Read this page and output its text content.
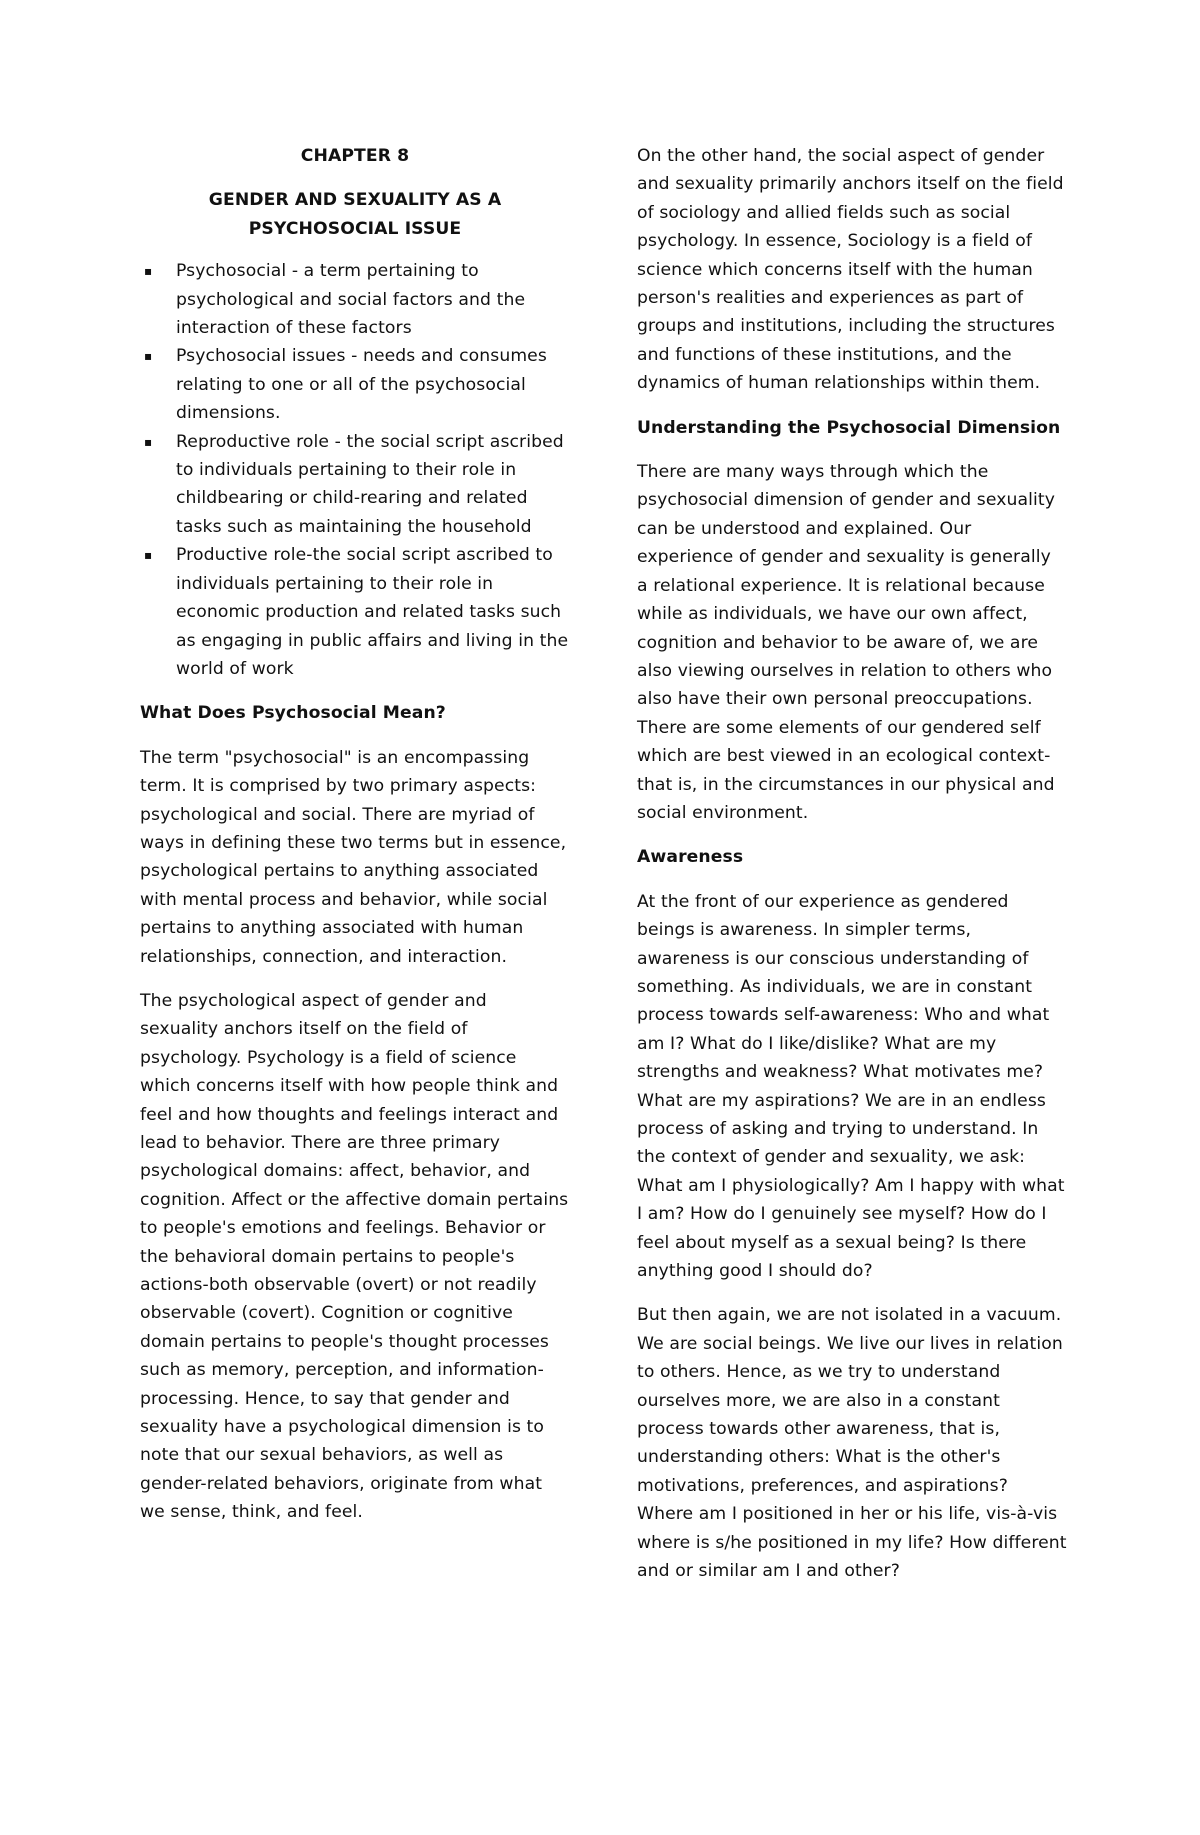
CHAPTER 8

GENDER AND SEXUALITY AS A PSYCHOSOCIAL ISSUE

▪ Psychosocial - a term pertaining to psychological and social factors and the interaction of these factors
▪ Psychosocial issues - needs and consumes relating to one or all of the psychosocial dimensions.
▪ Reproductive role - the social script ascribed to individuals pertaining to their role in childbearing or child-rearing and related tasks such as maintaining the household
▪ Productive role-the social script ascribed to individuals pertaining to their role in economic production and related tasks such as engaging in public affairs and living in the world of work

What Does Psychosocial Mean?

The term "psychosocial" is an encompassing term. It is comprised by two primary aspects: psychological and social. There are myriad of ways in defining these two terms but in essence, psychological pertains to anything associated with mental process and behavior, while social pertains to anything associated with human relationships, connection, and interaction.

The psychological aspect of gender and sexuality anchors itself on the field of psychology. Psychology is a field of science which concerns itself with how people think and feel and how thoughts and feelings interact and lead to behavior. There are three primary psychological domains: affect, behavior, and cognition. Affect or the affective domain pertains to people's emotions and feelings. Behavior or the behavioral domain pertains to people's actions-both observable (overt) or not readily observable (covert). Cognition or cognitive domain pertains to people's thought processes such as memory, perception, and information-processing. Hence, to say that gender and sexuality have a psychological dimension is to note that our sexual behaviors, as well as gender-related behaviors, originate from what we sense, think, and feel.

On the other hand, the social aspect of gender and sexuality primarily anchors itself on the field of sociology and allied fields such as social psychology. In essence, Sociology is a field of science which concerns itself with the human person's realities and experiences as part of groups and institutions, including the structures and functions of these institutions, and the dynamics of human relationships within them.

Understanding the Psychosocial Dimension

There are many ways through which the psychosocial dimension of gender and sexuality can be understood and explained. Our experience of gender and sexuality is generally a relational experience. It is relational because while as individuals, we have our own affect, cognition and behavior to be aware of, we are also viewing ourselves in relation to others who also have their own personal preoccupations. There are some elements of our gendered self which are best viewed in an ecological context- that is, in the circumstances in our physical and social environment.

Awareness

At the front of our experience as gendered beings is awareness. In simpler terms, awareness is our conscious understanding of something. As individuals, we are in constant process towards self-awareness: Who and what am I? What do I like/dislike? What are my strengths and weakness? What motivates me? What are my aspirations? We are in an endless process of asking and trying to understand. In the context of gender and sexuality, we ask: What am I physiologically? Am I happy with what I am? How do I genuinely see myself? How do I feel about myself as a sexual being? Is there anything good I should do?

But then again, we are not isolated in a vacuum. We are social beings. We live our lives in relation to others. Hence, as we try to understand ourselves more, we are also in a constant process towards other awareness, that is, understanding others: What is the other's motivations, preferences, and aspirations? Where am I positioned in her or his life, vis-à-vis where is s/he positioned in my life? How different and or similar am I and other?
